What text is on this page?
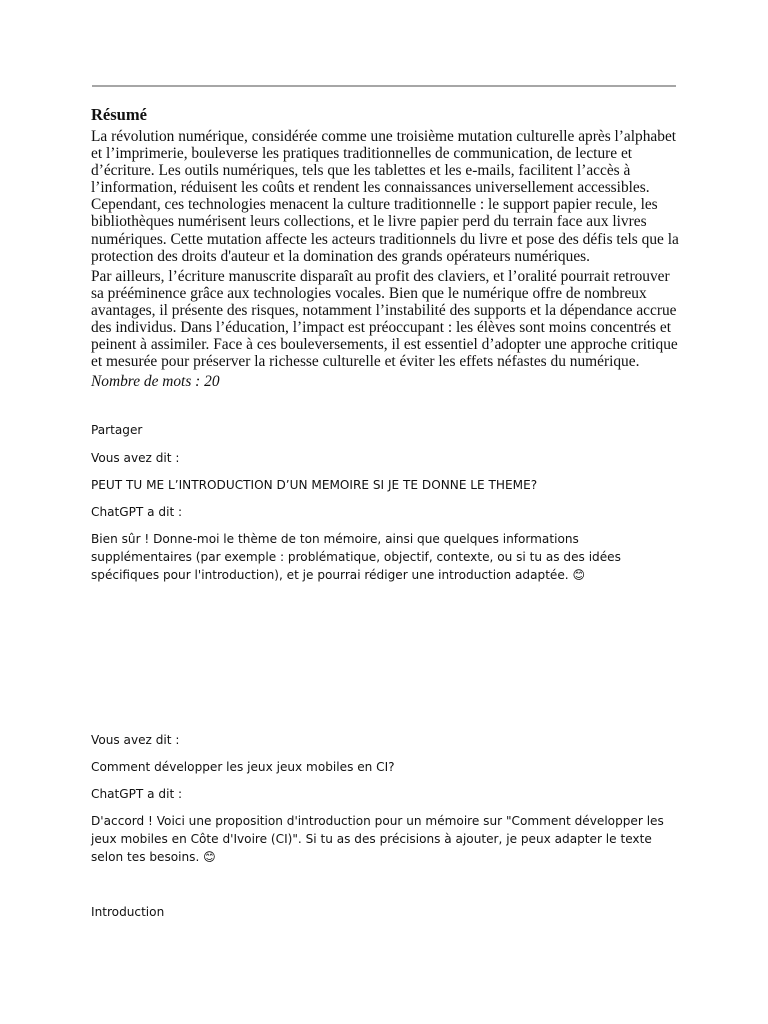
Résumé

La révolution numérique, considérée comme une troisième mutation culturelle après l’alphabet et l’imprimerie, bouleverse les pratiques traditionnelles de communication, de lecture et d’écriture. Les outils numériques, tels que les tablettes et les e-mails, facilitent l’accès à l’information, réduisent les coûts et rendent les connaissances universellement accessibles. Cependant, ces technologies menacent la culture traditionnelle : le support papier recule, les bibliothèques numérisent leurs collections, et le livre papier perd du terrain face aux livres numériques. Cette mutation affecte les acteurs traditionnels du livre et pose des défis tels que la protection des droits d'auteur et la domination des grands opérateurs numériques.

Par ailleurs, l’écriture manuscrite disparaît au profit des claviers, et l’oralité pourrait retrouver sa prééminence grâce aux technologies vocales. Bien que le numérique offre de nombreux avantages, il présente des risques, notamment l’instabilité des supports et la dépendance accrue des individus. Dans l’éducation, l’impact est préoccupant : les élèves sont moins concentrés et peinent à assimiler. Face à ces bouleversements, il est essentiel d’adopter une approche critique et mesurée pour préserver la richesse culturelle et éviter les effets néfastes du numérique.

Nombre de mots : 20

Partager

Vous avez dit :

PEUT TU ME L’INTRODUCTION D’UN MEMOIRE SI JE TE DONNE LE THEME?

ChatGPT a dit :

Bien sûr ! Donne-moi le thème de ton mémoire, ainsi que quelques informations supplémentaires (par exemple : problématique, objectif, contexte, ou si tu as des idées spécifiques pour l'introduction), et je pourrai rédiger une introduction adaptée. 😊

Vous avez dit :

Comment développer les jeux jeux mobiles en CI?

ChatGPT a dit :

D'accord ! Voici une proposition d'introduction pour un mémoire sur "Comment développer les jeux mobiles en Côte d'Ivoire (CI)". Si tu as des précisions à ajouter, je peux adapter le texte selon tes besoins. 😊

Introduction
